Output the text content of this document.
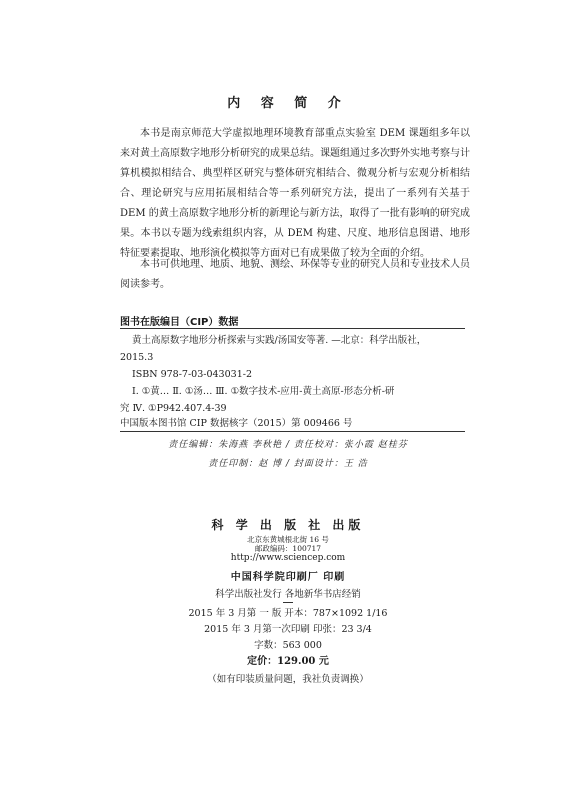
内 容 简 介

本书是南京师范大学虚拟地理环境教育部重点实验室 DEM 课题组多年以来对黄土高原数字地形分析研究的成果总结。课题组通过多次野外实地考察与计算机模拟相结合、典型样区研究与整体研究相结合、微观分析与宏观分析相结合、理论研究与应用拓展相结合等一系列研究方法，提出了一系列有关基于 DEM 的黄土高原数字地形分析的新理论与新方法，取得了一批有影响的研究成果。本书以专题为线索组织内容，从 DEM 构建、尺度、地形信息图谱、地形特征要素提取、地形演化模拟等方面对已有成果做了较为全面的介绍。

本书可供地理、地质、地貌、测绘、环保等专业的研究人员和专业技术人员阅读参考。

图书在版编目（CIP）数据
黄土高原数字地形分析探索与实践/汤国安等著. —北京：科学出版社，
2015.3
ISBN 978-7-03-043031-2
Ⅰ. ①黄… Ⅱ. ①汤… Ⅲ. ①数字技术-应用-黄土高原-形态分析-研
究 Ⅳ. ①P942.407.4-39
中国版本图书馆 CIP 数据核字（2015）第 009466 号
责任编辑：朱海燕 李秋艳 / 责任校对：张小霞 赵桂芬
责任印制：赵 博 / 封面设计：王 浩
科 学 出 版 社 出版
北京东黄城根北街 16 号
邮政编码：100717
http://www.sciencep.com
中国科学院印刷厂 印刷
科学出版社发行 各地新华书店经销
2015 年 3 月第 一 版 开本：787×1092 1/16
2015 年 3 月第一次印刷 印张：23 3/4
字数：563 000
定价：129.00 元
（如有印装质量问题，我社负责调换）
